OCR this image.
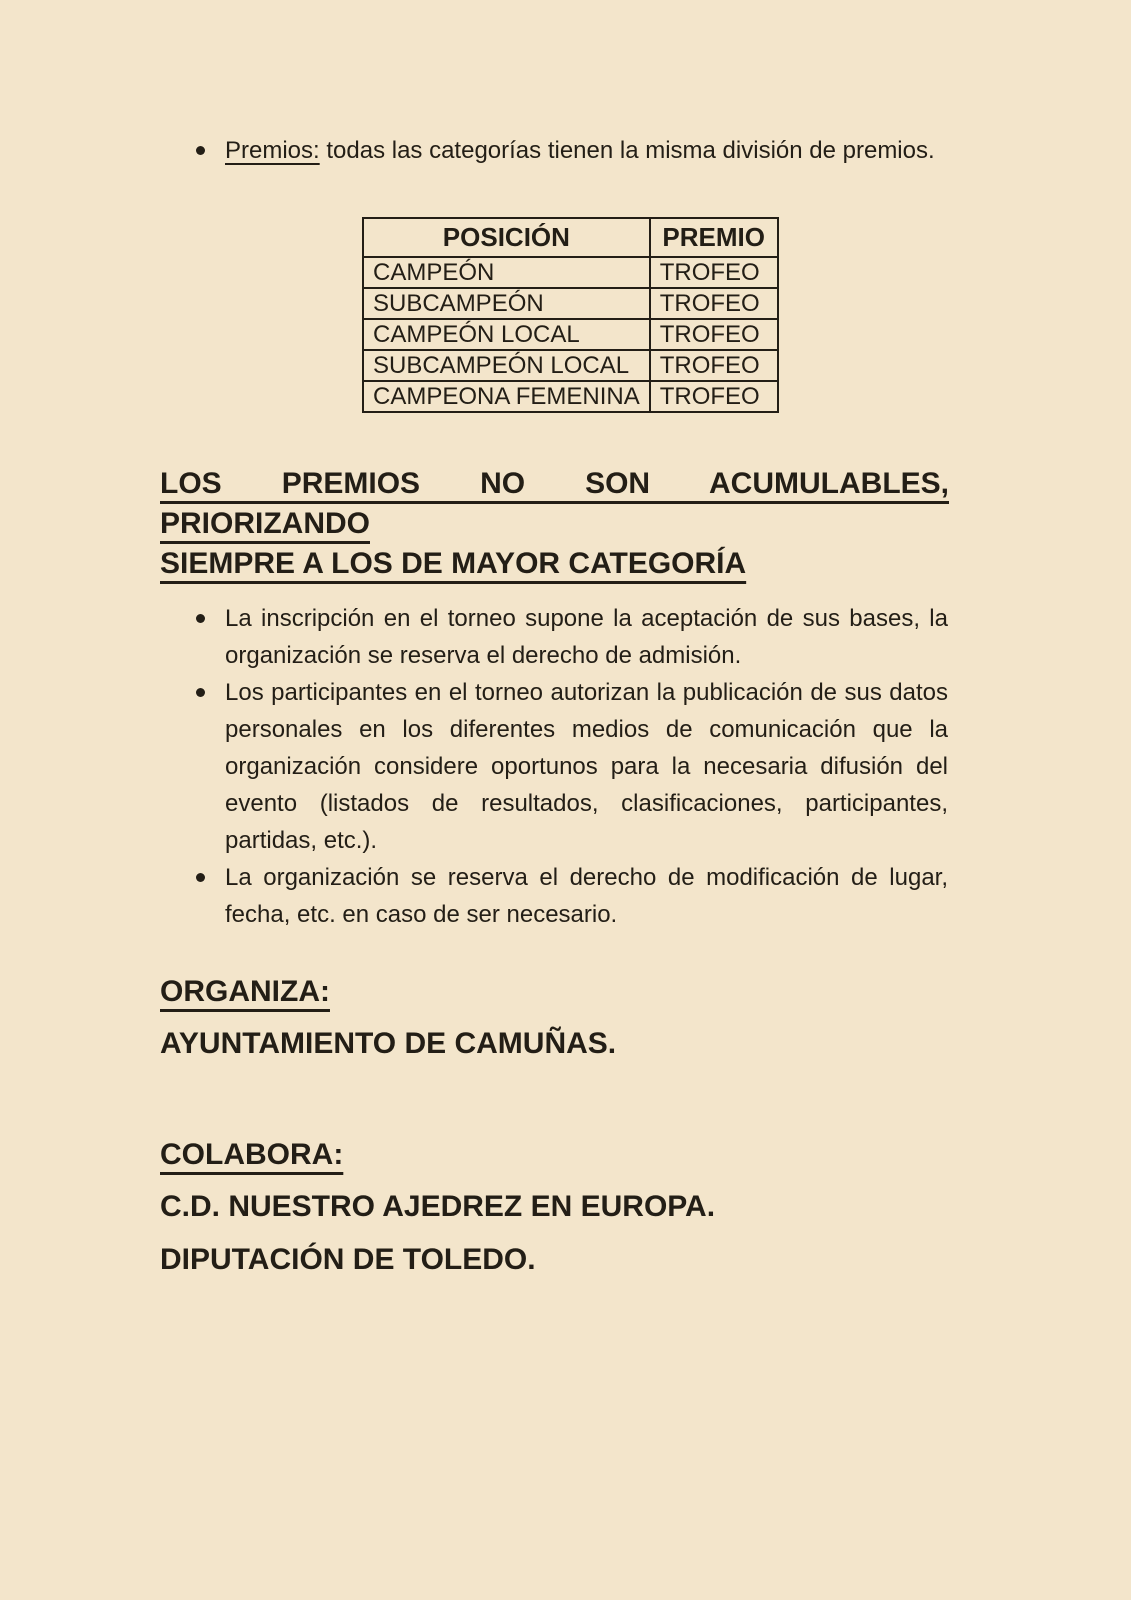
Premios: todas las categorías tienen la misma división de premios.
POSICIÓN	PREMIO
CAMPEÓN	TROFEO
SUBCAMPEÓN	TROFEO
CAMPEÓN LOCAL	TROFEO
SUBCAMPEÓN LOCAL	TROFEO
CAMPEONA FEMENINA	TROFEO
LOS PREMIOS NO SON ACUMULABLES, PRIORIZANDO
SIEMPRE A LOS DE MAYOR CATEGORÍA
La inscripción en el torneo supone la aceptación de sus bases, la organización se reserva el derecho de admisión.
Los participantes en el torneo autorizan la publicación de sus datos personales en los diferentes medios de comunicación que la organización considere oportunos para la necesaria difusión del evento (listados de resultados, clasificaciones, participantes, partidas, etc.).
La organización se reserva el derecho de modificación de lugar, fecha, etc. en caso de ser necesario.
ORGANIZA:
AYUNTAMIENTO DE CAMUÑAS.
COLABORA:
C.D. NUESTRO AJEDREZ EN EUROPA.
DIPUTACIÓN DE TOLEDO.
